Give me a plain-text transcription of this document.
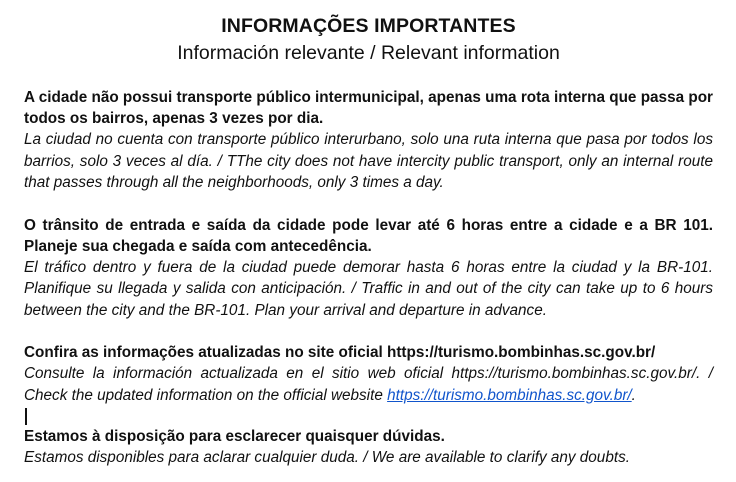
INFORMAÇÕES IMPORTANTES
Información relevante / Relevant information
A cidade não possui transporte público intermunicipal, apenas uma rota interna que passa por todos os bairros, apenas 3 vezes por dia.
La ciudad no cuenta con transporte público interurbano, solo una ruta interna que pasa por todos los barrios, solo 3 veces al día. / TThe city does not have intercity public transport, only an internal route that passes through all the neighborhoods, only 3 times a day.
O trânsito de entrada e saída da cidade pode levar até 6 horas entre a cidade e a BR 101. Planeje sua chegada e saída com antecedência.
El tráfico dentro y fuera de la ciudad puede demorar hasta 6 horas entre la ciudad y la BR-101. Planifique su llegada y salida con anticipación. / Traffic in and out of the city can take up to 6 hours between the city and the BR-101. Plan your arrival and departure in advance.
Confira as informações atualizadas no site oficial https://turismo.bombinhas.sc.gov.br/
Consulte la información actualizada en el sitio web oficial https://turismo.bombinhas.sc.gov.br/. / Check the updated information on the official website https://turismo.bombinhas.sc.gov.br/.
Estamos à disposição para esclarecer quaisquer dúvidas.
Estamos disponibles para aclarar cualquier duda. / We are available to clarify any doubts.
